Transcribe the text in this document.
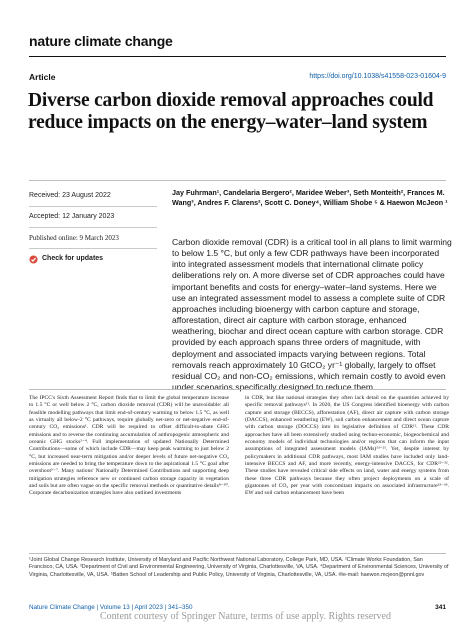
nature climate change
Article	https://doi.org/10.1038/s41558-023-01604-9
Diverse carbon dioxide removal approaches could reduce impacts on the energy–water–land system
Received: 23 August 2022
Accepted: 12 January 2023
Published online: 9 March 2023
Check for updates
Jay Fuhrman¹, Candelaria Bergero², Maridee Weber³, Seth Monteith², Frances M. Wang³, Andres F. Clarens², Scott C. Doney⁴, William Shobe ⁵ & Haewon McJeon ¹
Carbon dioxide removal (CDR) is a critical tool in all plans to limit warming to below 1.5 °C, but only a few CDR pathways have been incorporated into integrated assessment models that international climate policy deliberations rely on. A more diverse set of CDR approaches could have important benefits and costs for energy–water–land systems. Here we use an integrated assessment model to assess a complete suite of CDR approaches including bioenergy with carbon capture and storage, afforestation, direct air capture with carbon storage, enhanced weathering, biochar and direct ocean capture with carbon storage. CDR provided by each approach spans three orders of magnitude, with deployment and associated impacts varying between regions. Total removals reach approximately 10 GtCO₂ yr⁻¹ globally, largely to offset residual CO₂ and non-CO₂ emissions, which remain costly to avoid even under scenarios specifically designed to reduce them.
The IPCC's Sixth Assessment Report finds that to limit the global temperature increase to 1.5 °C or well below 2 °C, carbon dioxide removal (CDR) will be unavoidable: all feasible modelling pathways that limit end-of-century warming to below 1.5 °C, as well as virtually all below-2 °C pathways, require globally net-zero or net-negative end-of-century CO₂ emissions¹. CDR will be required to offset difficult-to-abate GHG emissions and to reverse the continuing accumulation of anthropogenic atmospheric and oceanic GHG stocks²⁻⁴. Full implementation of updated Nationally Determined Contributions—some of which include CDR—may keep peak warming to just below 2 °C, but increased near-term mitigation and/or deeper levels of future net-negative CO₂ emissions are needed to bring the temperature down to the aspirational 1.5 °C goal after overshoot⁵⁻⁷. Many nations' Nationally Determined Contributions and supporting deep mitigation strategies reference new or continued carbon storage capacity in vegetation and soils but are often vague on the specific removal methods or quantitative details⁸⁻¹⁰. Corporate decarbonization strategies have also outlined investments
in CDR, but like national strategies they often lack detail on the quantities achieved by specific removal pathways¹¹. In 2020, the US Congress identified bioenergy with carbon capture and storage (BECCS), afforestation (AF), direct air capture with carbon storage (DACCS), enhanced weathering (EW), soil carbon enhancement and direct ocean capture with carbon storage (DOCCS) into its legislative definition of CDR¹². These CDR approaches have all been extensively studied using techno-economic, biogeochemical and economy models of individual technologies and/or regions that can inform the input assumptions of integrated assessment models (IAMs)¹³⁻²¹. Yet, despite interest by policymakers in additional CDR pathways, most IAM studies have included only land-intensive BECCS and AF, and more recently, energy-intensive DACCS, for CDR²²⁻³². These studies have revealed critical side effects on land, water and energy systems from these three CDR pathways because they often project deployments on a scale of gigatonnes of CO₂ per year with concomitant impacts on associated infrastructure³³⁻³⁶. EW and soil carbon enhancement have been
¹Joint Global Change Research Institute, University of Maryland and Pacific Northwest National Laboratory, College Park, MD, USA. ²Climate Works Foundation, San Francisco, CA, USA. ³Department of Civil and Environmental Engineering, University of Virginia, Charlottesville, VA, USA. ⁴Department of Environmental Sciences, University of Virginia, Charlottesville, VA, USA. ⁵Batten School of Leadership and Public Policy, University of Virginia, Charlottesville, VA, USA. ✉e-mail: haewon.mcjeon@pnnl.gov
Nature Climate Change | Volume 13 | April 2023 | 341–350	341
Content courtesy of Springer Nature, terms of use apply. Rights reserved
